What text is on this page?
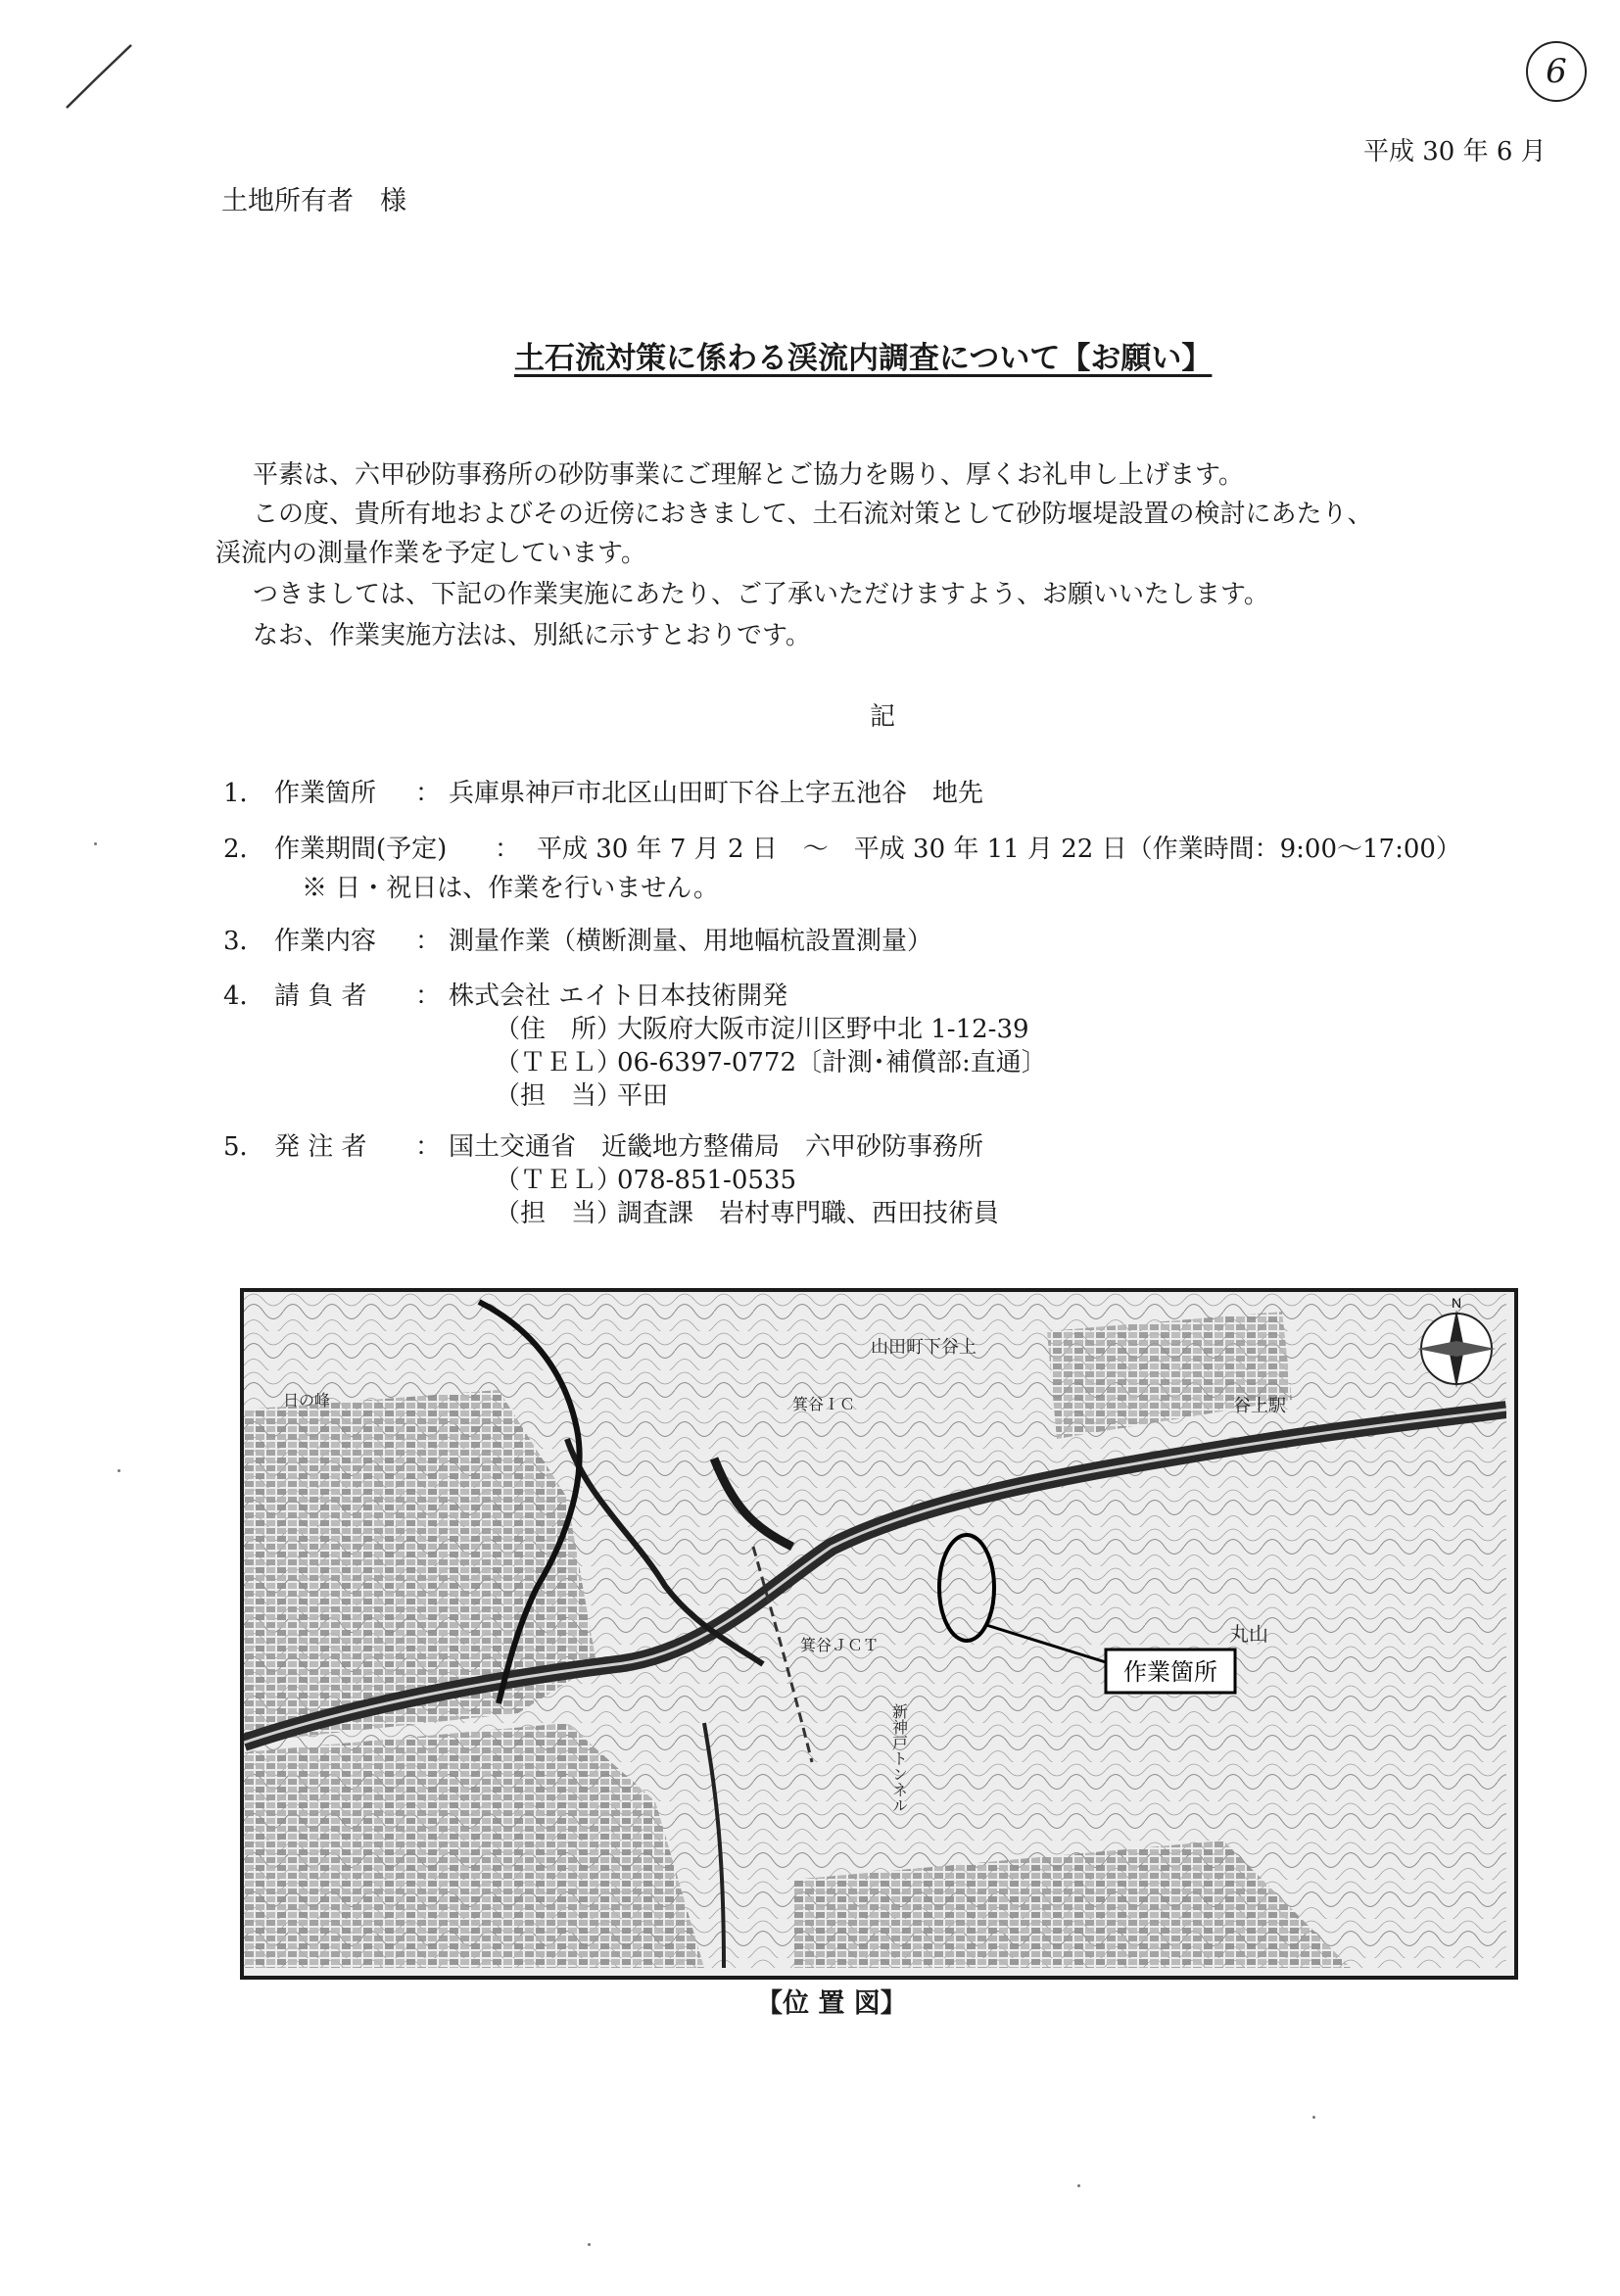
6
平成 30 年 6 月
土地所有者　様
土石流対策に係わる渓流内調査について【お願い】
平素は、六甲砂防事務所の砂防事業にご理解とご協力を賜り、厚くお礼申し上げます。
この度、貴所有地およびその近傍におきまして、土石流対策として砂防堰堤設置の検討にあたり、
渓流内の測量作業を予定しています。
つきましては、下記の作業実施にあたり、ご了承いただけますよう、お願いいたします。
なお、作業実施方法は、別紙に示すとおりです。
記
1． 作業箇所 ： 兵庫県神戸市北区山田町下谷上字五池谷　地先
2． 作業期間(予定) ： 平成 30 年 7 月 2 日　～　平成 30 年 11 月 22 日（作業時間：9:00～17:00）
※ 日・祝日は、作業を行いません。
3． 作業内容 ： 測量作業（横断測量、用地幅杭設置測量）
4． 請 負 者 ： 株式会社 エイト日本技術開発
（住　所）
大阪府大阪市淀川区野中北 1-12-39
（ＴＥＬ）
06-6397-0772〔計測･補償部:直通〕
（担　当）
平田
5． 発 注 者 ： 国土交通省　近畿地方整備局　六甲砂防事務所
（ＴＥＬ）
078-851-0535
（担　当）
調査課　岩村専門職、西田技術員
作業箇所
山田町下谷上
谷上駅
丸山
箕谷ＪＣＴ
箕谷ＩＣ
日の峰
新神戸トンネル
N
【位 置 図】
